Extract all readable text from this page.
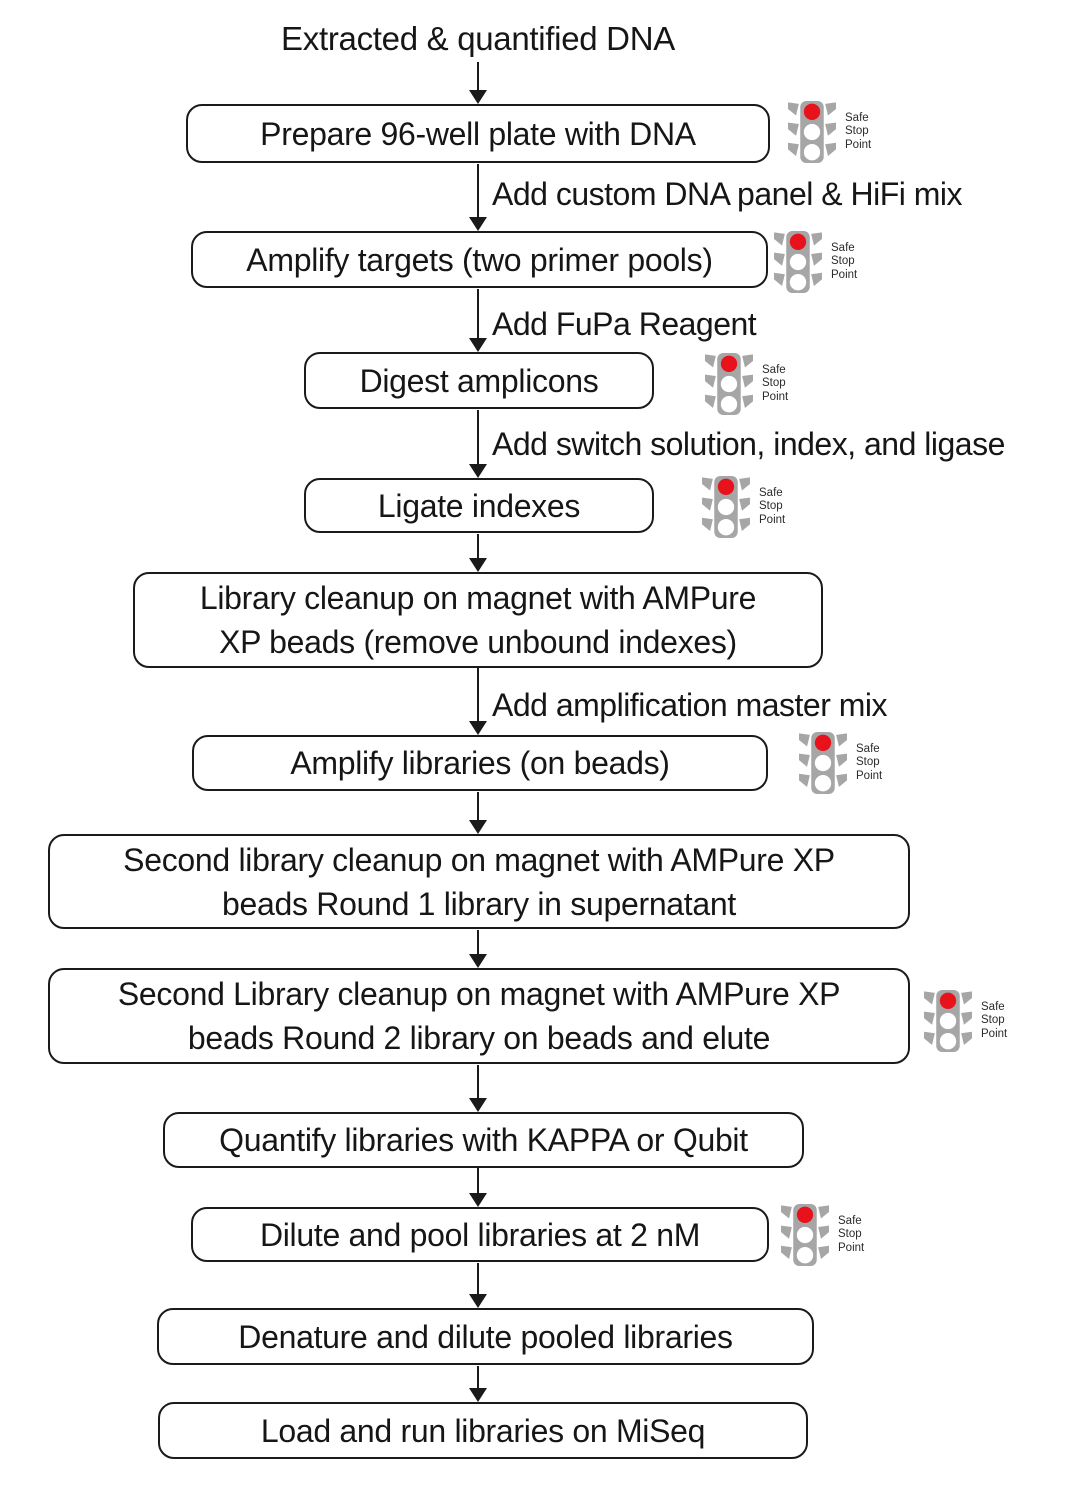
Extracted & quantified DNA
Add custom DNA panel & HiFi mix
Add FuPa Reagent
Add switch solution, index, and ligase
Add amplification master mix
Prepare 96-well plate with DNA
Amplify targets (two primer pools)
Digest amplicons
Ligate indexes
Library cleanup on magnet with AMPure
XP beads (remove unbound indexes)
Amplify libraries (on beads)
Second library cleanup on magnet with AMPure XP
beads Round 1 library in supernatant
Second Library cleanup on magnet with AMPure XP
beads Round 2 library on beads and elute
Quantify libraries with KAPPA or Qubit
Dilute and pool libraries at 2 nM
Denature and dilute pooled libraries
Load and run libraries on MiSeq
Safe
Stop
Point
Safe
Stop
Point
Safe
Stop
Point
Safe
Stop
Point
Safe
Stop
Point
Safe
Stop
Point
Safe
Stop
Point
